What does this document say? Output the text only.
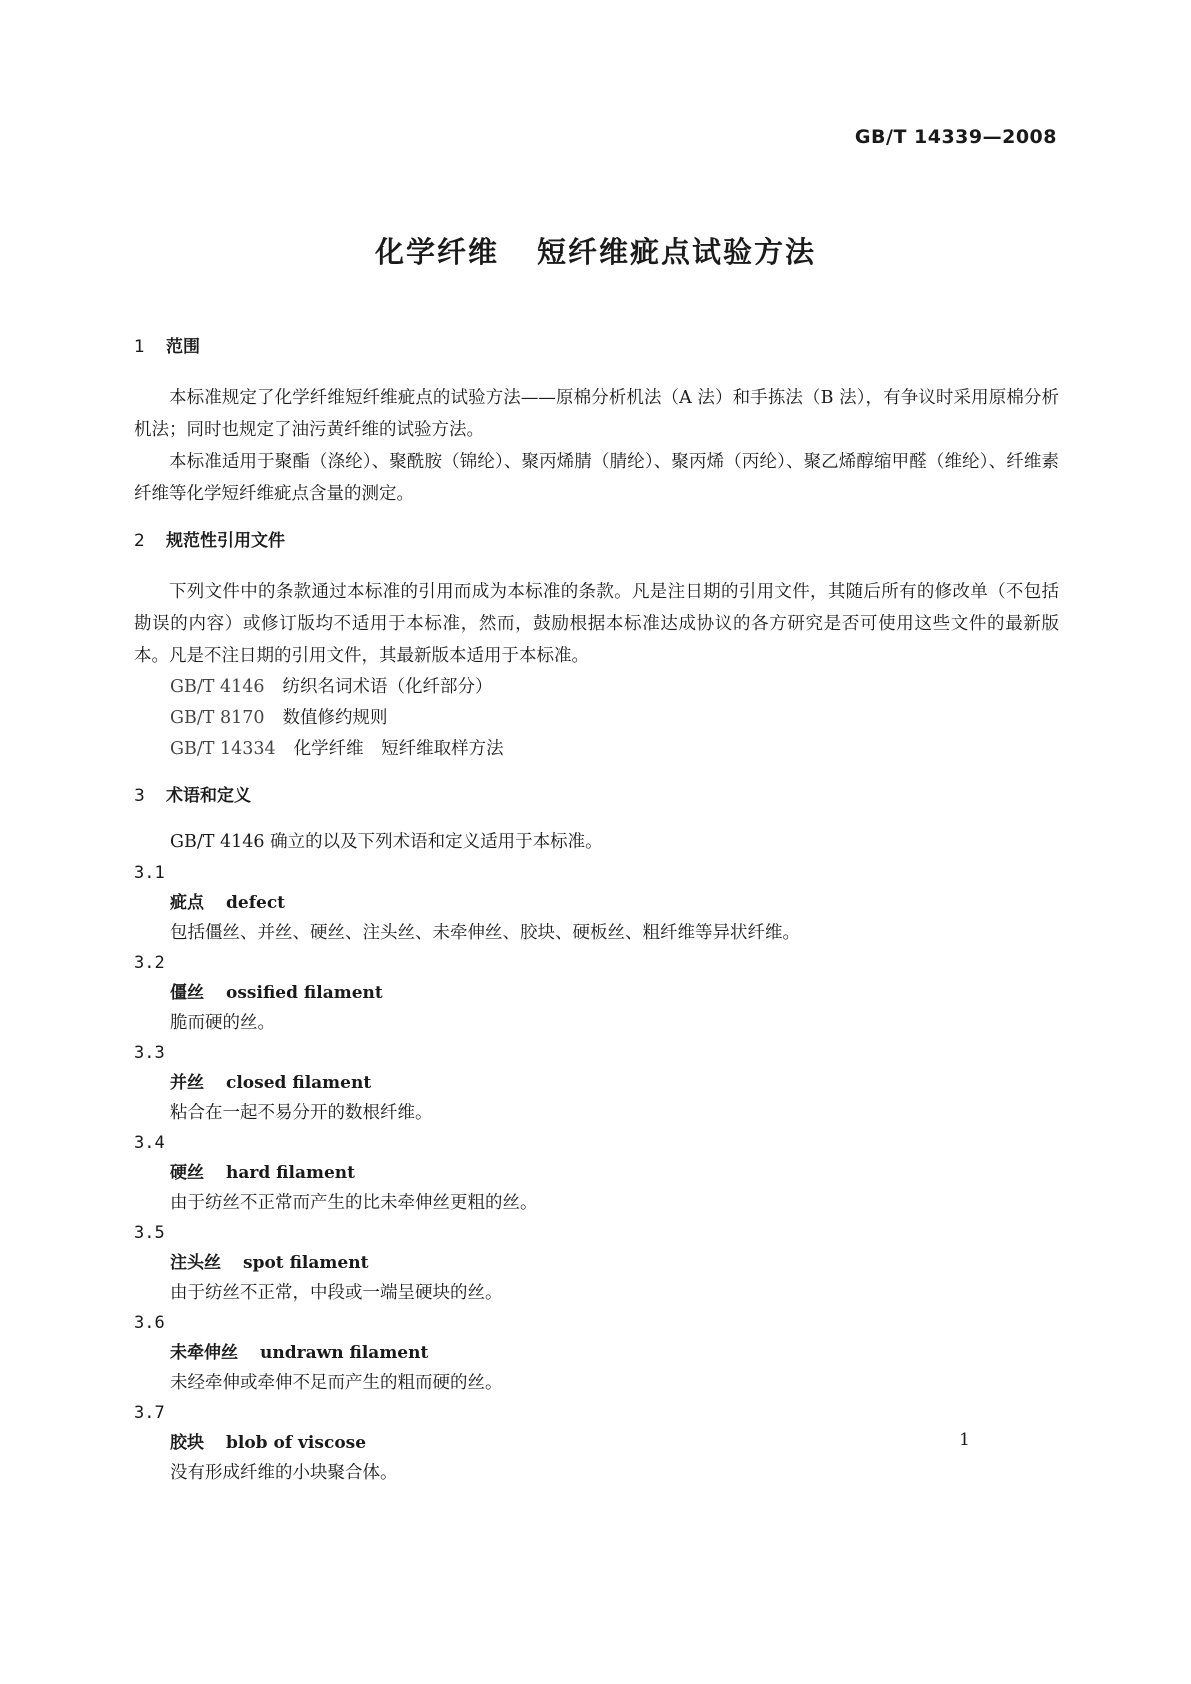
GB/T 14339—2008
化学纤维 短纤维疵点试验方法

1 范围

本标准规定了化学纤维短纤维疵点的试验方法——原棉分析机法（A 法）和手拣法（B 法），有争议时采用原棉分析机法；同时也规定了油污黄纤维的试验方法。

本标准适用于聚酯（涤纶）、聚酰胺（锦纶）、聚丙烯腈（腈纶）、聚丙烯（丙纶）、聚乙烯醇缩甲醛（维纶）、纤维素纤维等化学短纤维疵点含量的测定。

2 规范性引用文件

下列文件中的条款通过本标准的引用而成为本标准的条款。凡是注日期的引用文件，其随后所有的修改单（不包括勘误的内容）或修订版均不适用于本标准，然而，鼓励根据本标准达成协议的各方研究是否可使用这些文件的最新版本。凡是不注日期的引用文件，其最新版本适用于本标准。

GB/T 4146 纺织名词术语（化纤部分）

GB/T 8170 数值修约规则

GB/T 14334 化学纤维　短纤维取样方法

3 术语和定义

GB/T 4146 确立的以及下列术语和定义适用于本标准。

3.1

疵点 defect

包括僵丝、并丝、硬丝、注头丝、未牵伸丝、胶块、硬板丝、粗纤维等异状纤维。

3.2

僵丝 ossified filament

脆而硬的丝。

3.3

并丝 closed filament

粘合在一起不易分开的数根纤维。

3.4

硬丝 hard filament

由于纺丝不正常而产生的比未牵伸丝更粗的丝。

3.5

注头丝 spot filament

由于纺丝不正常，中段或一端呈硬块的丝。

3.6

未牵伸丝 undrawn filament

未经牵伸或牵伸不足而产生的粗而硬的丝。

3.7

胶块 blob of viscose

没有形成纤维的小块聚合体。

1
